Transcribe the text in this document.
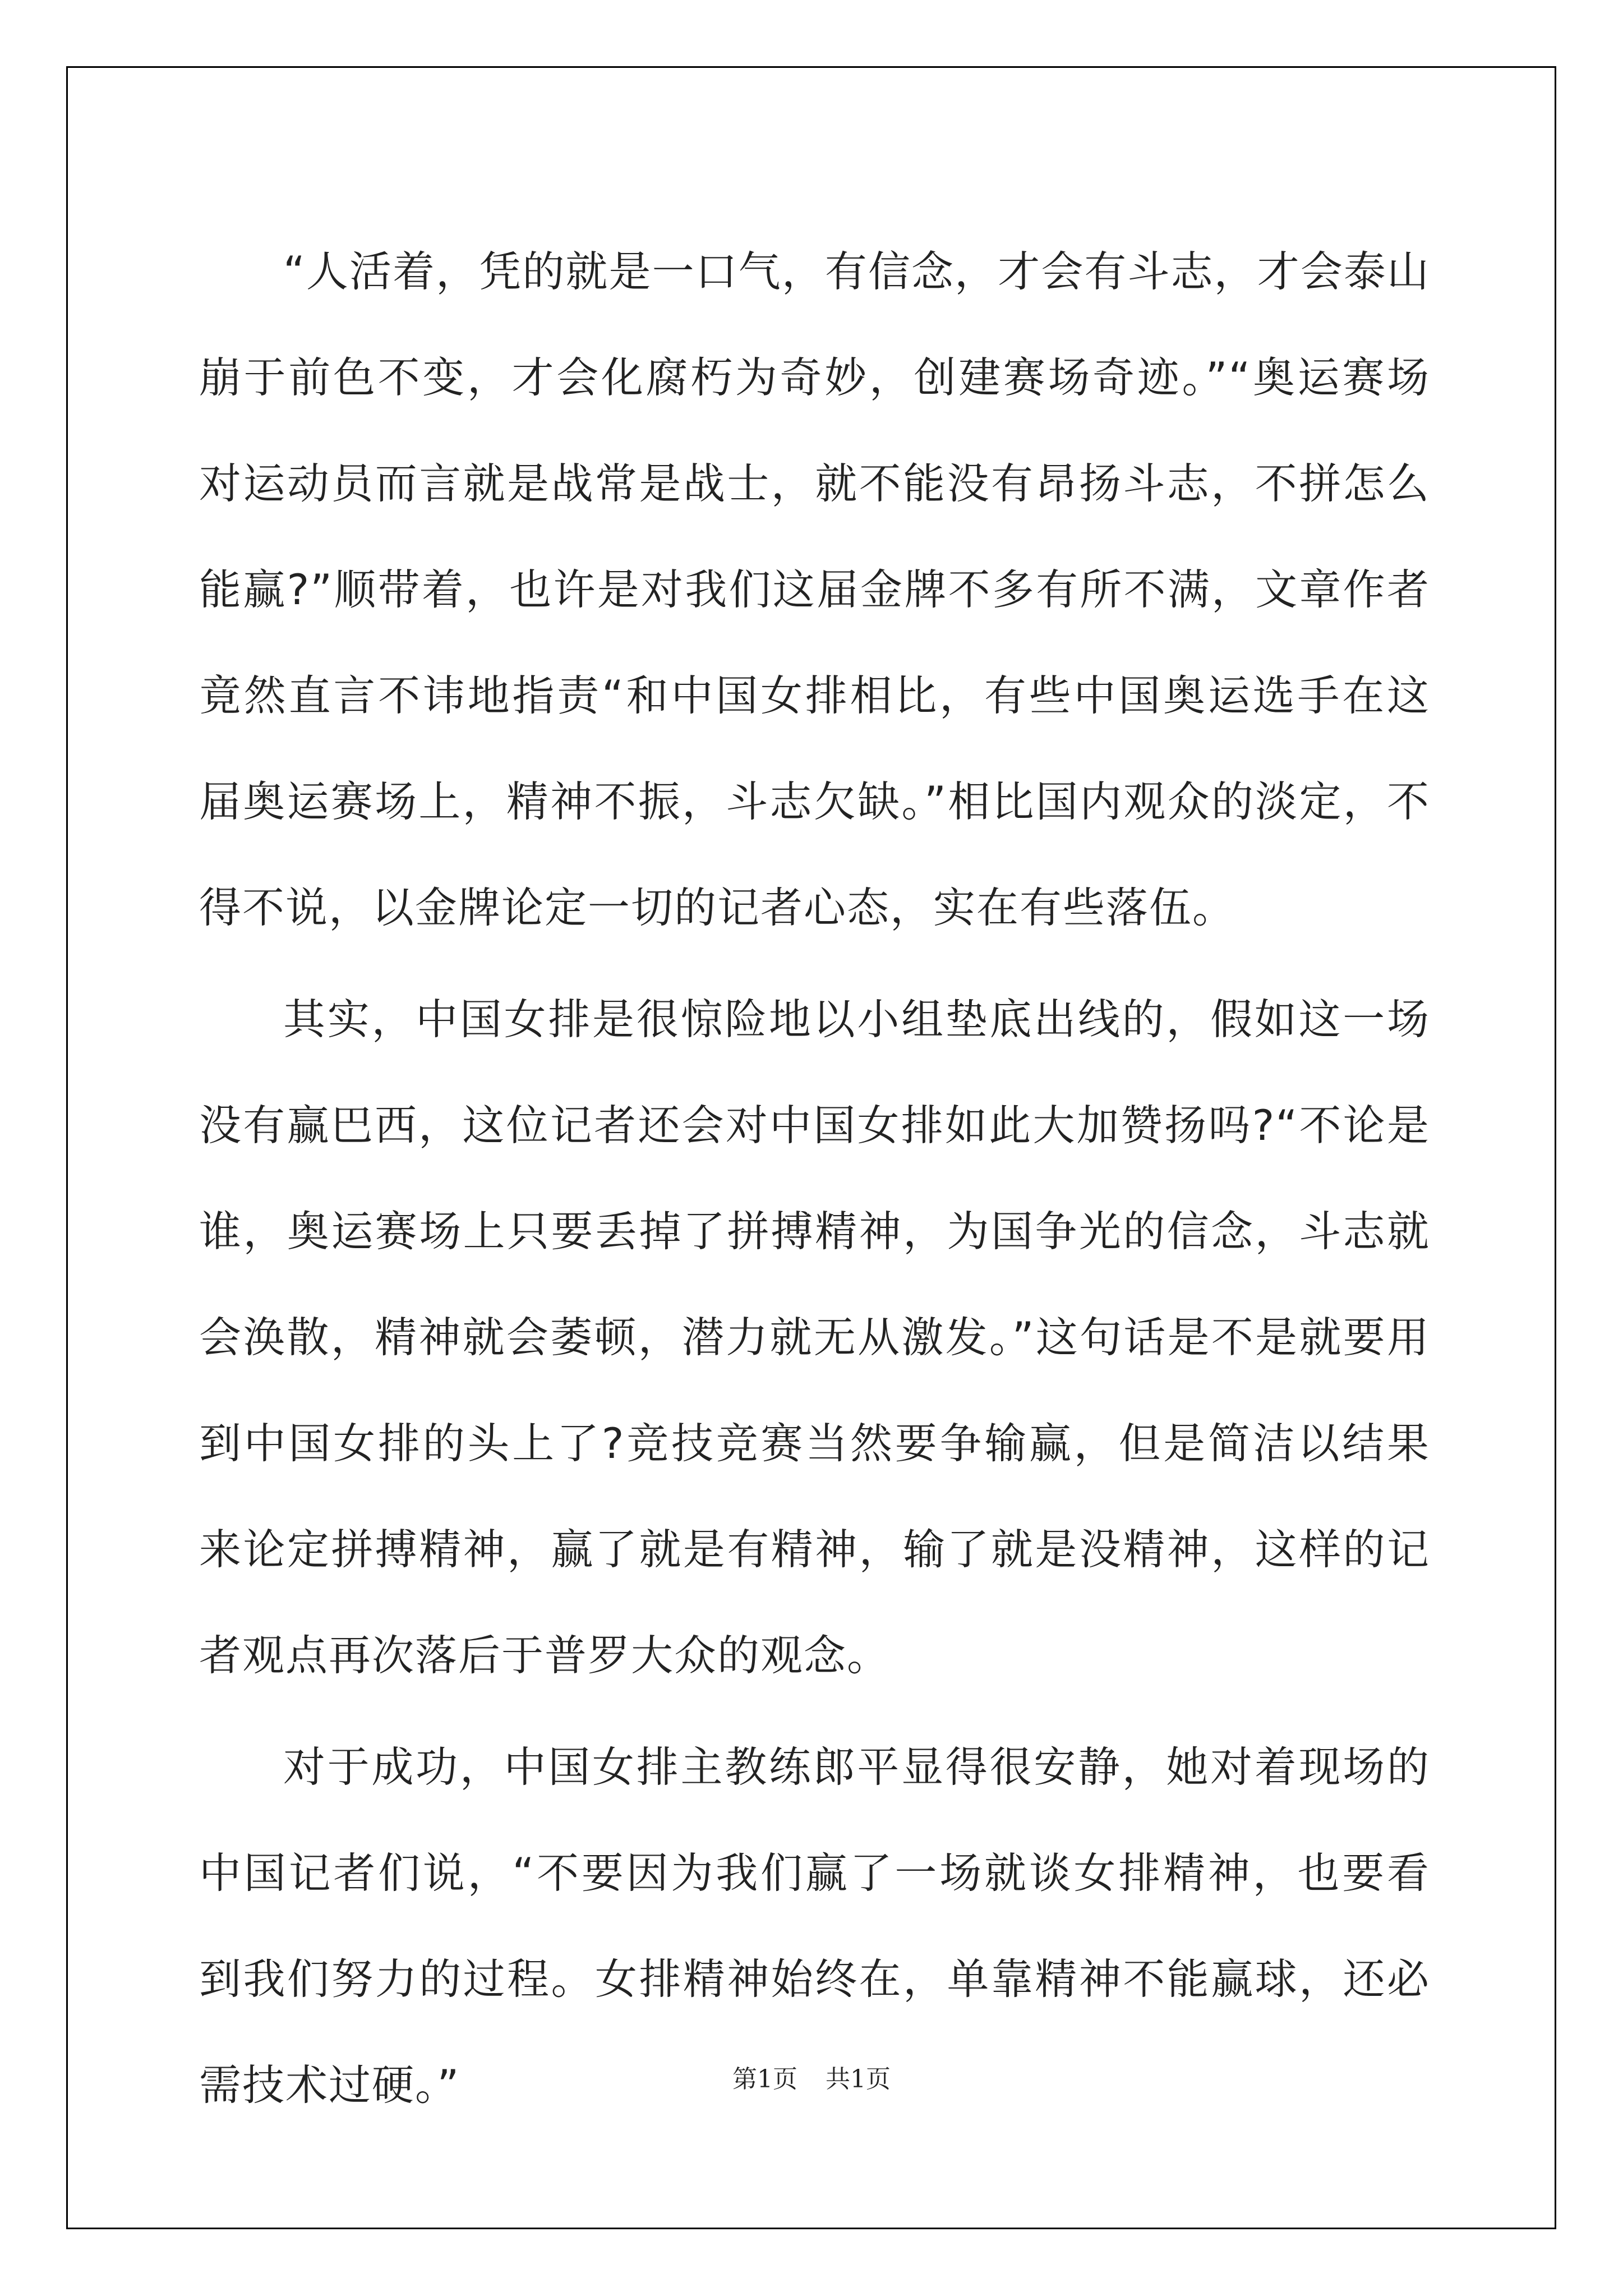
“人活着，凭的就是一口气，有信念，才会有斗志，才会泰山崩于前色不变，才会化腐朽为奇妙，创建赛场奇迹。”“奥运赛场对运动员而言就是战常是战士，就不能没有昂扬斗志，不拼怎么能赢?”顺带着，也许是对我们这届金牌不多有所不满，文章作者竟然直言不讳地指责“和中国女排相比，有些中国奥运选手在这届奥运赛场上，精神不振，斗志欠缺。”相比国内观众的淡定，不得不说，以金牌论定一切的记者心态，实在有些落伍。

其实，中国女排是很惊险地以小组垫底出线的，假如这一场没有赢巴西，这位记者还会对中国女排如此大加赞扬吗?“不论是谁，奥运赛场上只要丢掉了拼搏精神，为国争光的信念，斗志就会涣散，精神就会萎顿，潜力就无从激发。”这句话是不是就要用到中国女排的头上了?竞技竞赛当然要争输赢，但是简洁以结果来论定拼搏精神，赢了就是有精神，输了就是没精神，这样的记者观点再次落后于普罗大众的观念。

对于成功，中国女排主教练郎平显得很安静，她对着现场的中国记者们说，“不要因为我们赢了一场就谈女排精神，也要看到我们努力的过程。女排精神始终在，单靠精神不能赢球，还必需技术过硬。”	第1页 共1页
